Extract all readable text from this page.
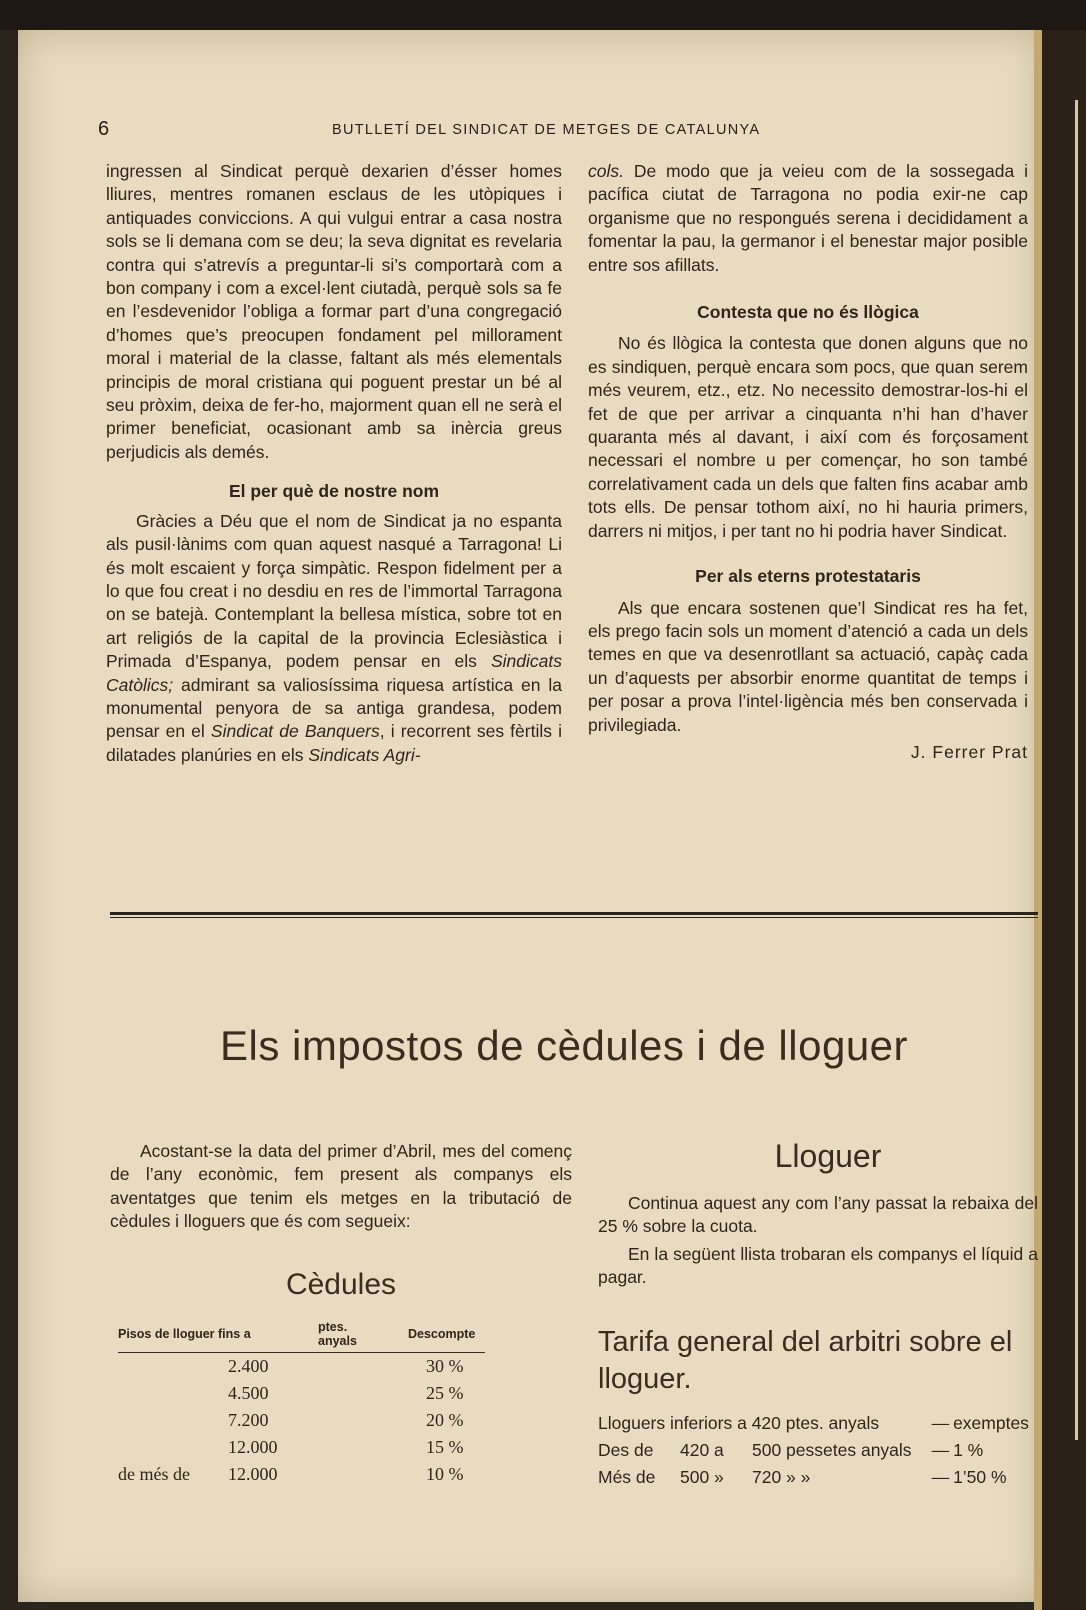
6	BUTLLETÍ DEL SINDICAT DE METGES DE CATALUNYA

ingressen al Sindicat perquè dexarien d’ésser homes lliures, mentres romanen esclaus de les utòpiques i antiquades conviccions. A qui vulgui entrar a casa nostra sols se li demana com se deu; la seva dignitat es revelaria contra qui s’atrevís a preguntar-li si’s comportarà com a bon company i com a excel·lent ciutadà, perquè sols sa fe en l’esdevenidor l’obliga a formar part d’una congregació d’homes que’s preocupen fondament pel millorament moral i material de la classe, faltant als més elementals principis de moral cristiana qui poguent prestar un bé al seu pròxim, deixa de fer-ho, majorment quan ell ne serà el primer beneficiat, ocasionant amb sa inèrcia greus perjudicis als demés.

El per què de nostre nom

Gràcies a Déu que el nom de Sindicat ja no espanta als pusil·lànims com quan aquest nasqué a Tarragona! Li és molt escaient y força simpàtic. Respon fidelment per a lo que fou creat i no desdiu en res de l’immortal Tarragona on se batejà. Contemplant la bellesa mística, sobre tot en art religiós de la capital de la provincia Eclesiàstica i Primada d’Espanya, podem pensar en els Sindicats Catòlics; admirant sa valiosíssima riquesa artística en la monumental penyora de sa antiga grandesa, podem pensar en el Sindicat de Banquers, i recorrent ses fèrtils i dilatades planúries en els Sindicats Agri-

cols. De modo que ja veieu com de la sossegada i pacífica ciutat de Tarragona no podia exir-ne cap organisme que no respongués serena i decididament a fomentar la pau, la germanor i el benestar major posible entre sos afillats.

Contesta que no és llògica

No és llògica la contesta que donen alguns que no es sindiquen, perquè encara som pocs, que quan serem més veurem, etz., etz. No necessito demostrar-los-hi el fet de que per arrivar a cinquanta n’hi han d’haver quaranta més al davant, i així com és forçosament necessari el nombre u per començar, ho son també correlativament cada un dels que falten fins acabar amb tots ells. De pensar tothom així, no hi hauria primers, darrers ni mitjos, i per tant no hi podria haver Sindicat.

Per als eterns protestataris

Als que encara sostenen que’l Sindicat res ha fet, els prego facin sols un moment d’atenció a cada un dels temes en que va desenrotllant sa actuació, capàç cada un d’aquests per absorbir enorme quantitat de temps i per posar a prova l’intel·ligència més ben conservada i privilegiada.

J. Ferrer Prat

Els impostos de cèdules i de lloguer

Acostant-se la data del primer d’Abril, mes del començ de l’any econòmic, fem present als companys els aventatges que tenim els metges en la tributació de cèdules i lloguers que és com segueix:

Cèdules
Pisos de lloguer fins a		ptes. anyals	Descompte
	2.400		30 %
	4.500		25 %
	7.200		20 %
	12.000		15 %
de més de	12.000		10 %
Lloguer

Continua aquest any com l’any passat la rebaixa del 25 % sobre la cuota.

En la següent llista trobaran els companys el líquid a pagar.

Tarifa general del arbitri sobre el lloguer.
Lloguers inferiors a 420 ptes. anyals			—	exemptes
Des de	420 a	500 pessetes anyals	—	1 %
Més de	500 »	720 » »	—	1’50 %
